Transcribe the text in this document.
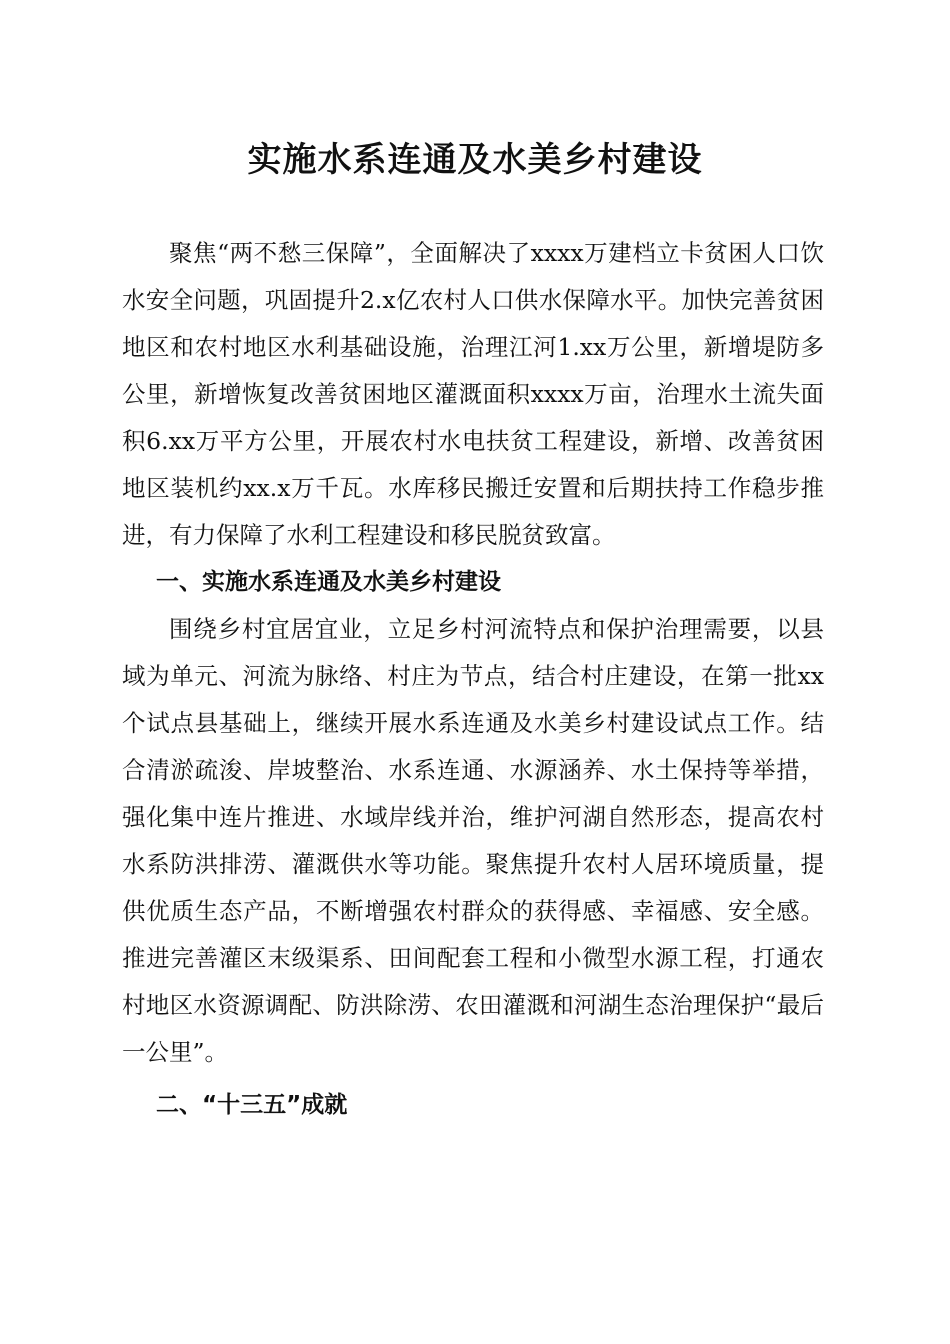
实施水系连通及水美乡村建设

聚焦“两不愁三保障”，全面解决了xxxx万建档立卡贫困人口饮水安全问题，巩固提升2.x亿农村人口供水保障水平。加快完善贫困地区和农村地区水利基础设施，治理江河1.xx万公里，新增堤防多公里，新增恢复改善贫困地区灌溉面积xxxx万亩，治理水土流失面积6.xx万平方公里，开展农村水电扶贫工程建设，新增、改善贫困地区装机约xx.x万千瓦。水库移民搬迁安置和后期扶持工作稳步推进，有力保障了水利工程建设和移民脱贫致富。

一、实施水系连通及水美乡村建设

围绕乡村宜居宜业，立足乡村河流特点和保护治理需要，以县域为单元、河流为脉络、村庄为节点，结合村庄建设，在第一批xx个试点县基础上，继续开展水系连通及水美乡村建设试点工作。结合清淤疏浚、岸坡整治、水系连通、水源涵养、水土保持等举措，强化集中连片推进、水域岸线并治，维护河湖自然形态，提高农村水系防洪排涝、灌溉供水等功能。聚焦提升农村人居环境质量，提供优质生态产品，不断增强农村群众的获得感、幸福感、安全感。推进完善灌区末级渠系、田间配套工程和小微型水源工程，打通农村地区水资源调配、防洪除涝、农田灌溉和河湖生态治理保护“最后一公里”。

二、“十三五”成就
